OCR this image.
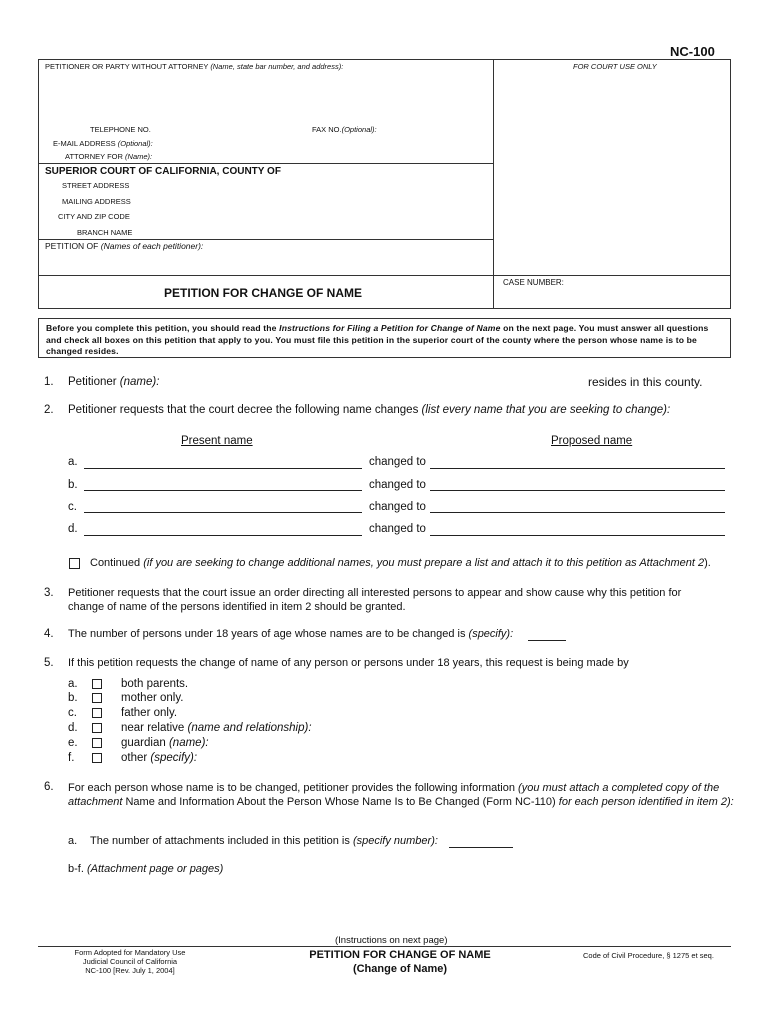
NC-100
PETITIONER OR PARTY WITHOUT ATTORNEY (Name, state bar number, and address):	FOR COURT USE ONLY
TELEPHONE NO.	FAX NO.(Optional):
E-MAIL ADDRESS (Optional):
ATTORNEY FOR (Name):
SUPERIOR COURT OF CALIFORNIA, COUNTY OF
STREET ADDRESS
MAILING ADDRESS
CITY AND ZIP CODE
BRANCH NAME
PETITION OF (Names of each petitioner):
PETITION FOR CHANGE OF NAME
CASE NUMBER:
Before you complete this petition, you should read the Instructions for Filing a Petition for Change of Name on the next page. You must answer all questions and check all boxes on this petition that apply to you. You must file this petition in the superior court of the county where the person whose name is to be changed resides.
1. Petitioner (name):	resides in this county.
2. Petitioner requests that the court decree the following name changes (list every name that you are seeking to change):
Present name	Proposed name
a.	changed to
b.	changed to
c.	changed to
d.	changed to
Continued (if you are seeking to change additional names, you must prepare a list and attach it to this petition as Attachment 2).
3. Petitioner requests that the court issue an order directing all interested persons to appear and show cause why this petition for
change of name of the persons identified in item 2 should be granted.
4. The number of persons under 18 years of age whose names are to be changed is (specify):
5. If this petition requests the change of name of any person or persons under 18 years, this request is being made by
a.	both parents.
b.	mother only.
c.	father only.
d.	near relative (name and relationship):
e.	guardian (name):
f.	other (specify):
6. For each person whose name is to be changed, petitioner provides the following information (you must attach a completed copy of the attachment Name and Information About the Person Whose Name Is to Be Changed (Form NC-110) for each person identified in item 2):
a. The number of attachments included in this petition is (specify number):
b-f. (Attachment page or pages)
(Instructions on next page)
Form Adopted for Mandatory Use
Judicial Council of California
NC-100 [Rev. July 1, 2004]
PETITION FOR CHANGE OF NAME
(Change of Name)
Code of Civil Procedure, § 1275 et seq.
